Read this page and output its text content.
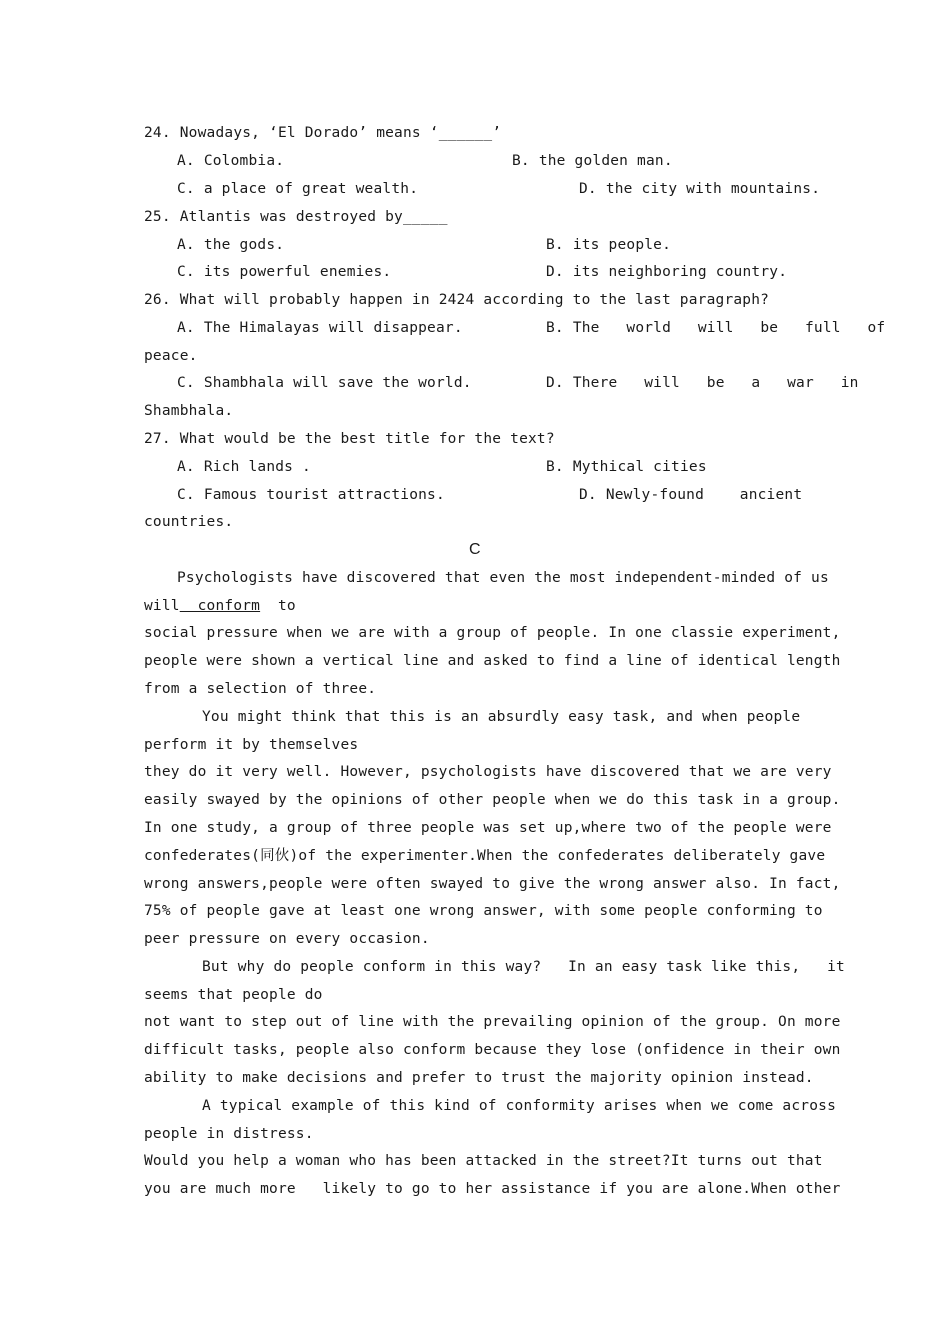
24. Nowadays, ‘El Dorado’ means ‘______’
A. Colombia.	B. the golden man.
C. a place of great wealth.	D. the city with mountains.
25. Atlantis was destroyed by_____
A. the gods.	B. its people.
C. its powerful enemies.	D. its neighboring country.
26. What will probably happen in 2424 according to the last paragraph?
A. The Himalayas will disappear.	B. The   world   will   be   full   of
peace.
C. Shambhala will save the world.	D. There   will   be   a   war   in
Shambhala.
27. What would be the best title for the text?
A. Rich lands .	B. Mythical cities
C. Famous tourist attractions.	D. Newly-found    ancient
countries.
C
Psychologists have discovered that even the most independent-minded of us
will  conform to
social pressure when we are with a group of people. In one classie experiment,
people were shown a vertical line and asked to find a line of identical length
from a selection of three.
You might think that this is an absurdly easy task, and when people
perform it by themselves
they do it very well. However, psychologists have discovered that we are very
easily swayed by the opinions of other people when we do this task in a group.
In one study, a group of three people was set up,where two of the people were
confederates(同伙)of the experimenter.When the confederates deliberately gave
wrong answers,people were often swayed to give the wrong answer also. In fact,
75% of people gave at least one wrong answer, with some people conforming to
peer pressure on every occasion.
But why do people conform in this way?   In an easy task like this,   it
seems that people do
not want to step out of line with the prevailing opinion of the group. On more
difficult tasks, people also conform because they lose (onfidence in their own
ability to make decisions and prefer to trust the majority opinion instead.
A typical example of this kind of conformity arises when we come across
people in distress.
Would you help a woman who has been attacked in the street?It turns out that
you are much more   likely to go to her assistance if you are alone.When other
